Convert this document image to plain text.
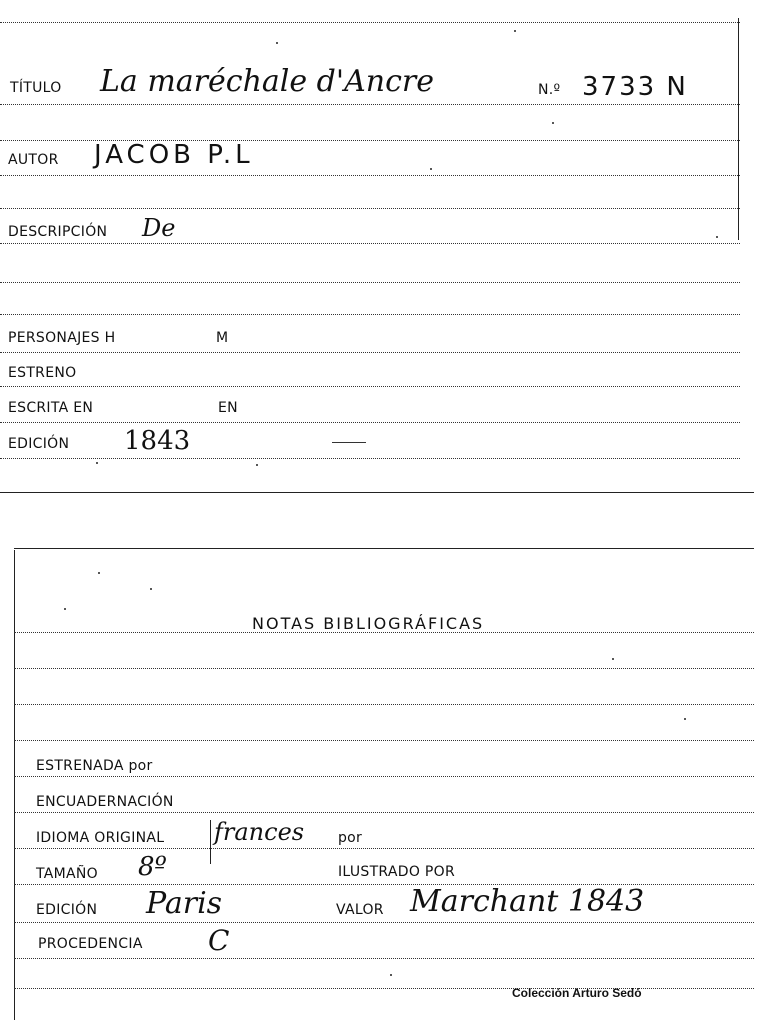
TÍTULO La maréchale d'Ancre	N.º 3733 N
AUTOR JACOB P.L
DESCRIPCIÓN De
PERSONAJES H	M
ESTRENO
ESCRITA EN	EN
EDICIÓN 1843
NOTAS BIBLIOGRÁFICAS
ESTRENADA por
ENCUADERNACIÓN
IDIOMA ORIGINAL frances por
TAMAÑO 8º	ILUSTRADO POR
EDICIÓN Paris	VALOR Marchant 1843
PROCEDENCIA C
Colección Arturo Sedó
